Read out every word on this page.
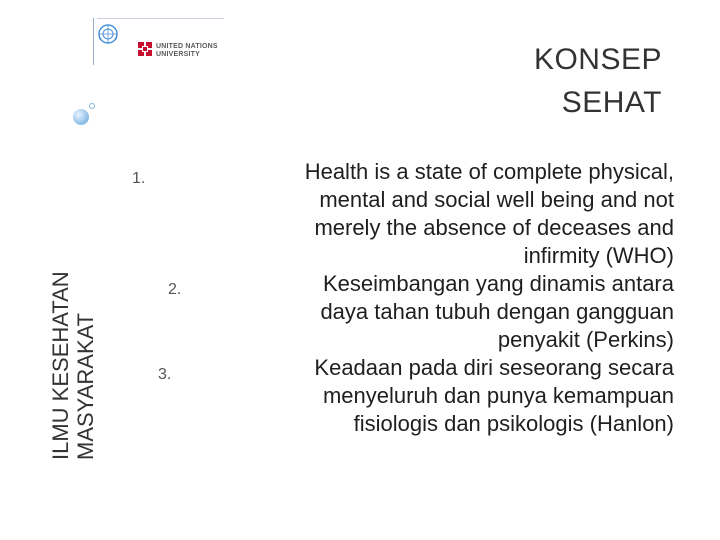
UNITED NATIONS
UNIVERSITY	KONSEP
SEHAT
ILMU KESEHATAN MASYARAKAT
1.	Health is a state of complete physical,
mental and social well being and not
merely the absence of deceases and
infirmity (WHO)
2.	Keseimbangan yang dinamis antara
daya tahan tubuh dengan gangguan
penyakit (Perkins)
3.	Keadaan pada diri seseorang secara
menyeluruh dan punya kemampuan
fisiologis dan psikologis (Hanlon)
